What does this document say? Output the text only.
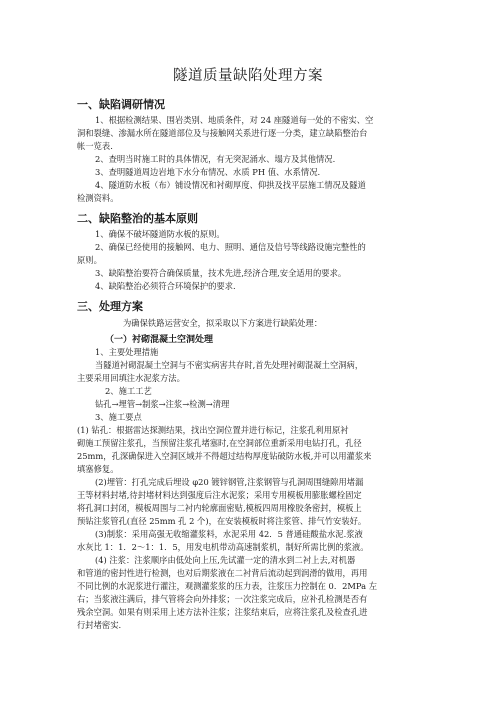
隧道质量缺陷处理方案
一、缺陷调研情况
1、根据检测结果、围岩类别、地质条件，对 24 座隧道每一处的不密实、空
洞和裂缝、渗漏水所在隧道部位及与接触网关系进行逐一分类，建立缺陷整治台
帐一览表.
2、查明当时施工时的具体情况，有无突泥涌水、塌方及其他情况.
3、查明隧道周边岩地下水分布情况、水质 PH 值、水系情况.
4、隧道防水板（布）铺设情况和衬砌厚度、仰拱及找平层施工情况及隧道
检测资料。
二、缺陷整治的基本原则
1、确保不破坏隧道防水板的原则。
2、确保已经使用的接触网、电力、照明、通信及信号等线路设施完整性的
原则。
3、缺陷整治要符合确保质量，技术先进,经济合理,安全适用的要求。
4、缺陷整治必须符合环境保护的要求.
三、处理方案
为确保铁路运营安全，拟采取以下方案进行缺陷处理：
（一）衬砌混凝土空洞处理
1、主要处理措施
当隧道衬砌混凝土空洞与不密实病害共存时,首先处理衬砌混凝土空洞病，
主要采用回填注水泥浆方法。
2、施工工艺
钻孔→埋管→制浆→注浆→检测→清理
3、施工要点
(1) 钻孔：根据雷达探测结果，找出空洞位置并进行标记，注浆孔利用原衬
砌施工预留注浆孔，当预留注浆孔堵塞时,在空洞部位重新采用电钻打孔，孔径
25mm，孔深确保进入空洞区域并不得超过结构厚度钻破防水板,并可以用灌浆来
填塞修复。
(2)埋管：打孔完成后埋设 φ20 镀锌钢管,注浆钢管与孔洞周围缝隙用堵漏
王等材料封堵,待封堵材料达到强度后注水泥浆；采用专用模板用膨胀螺栓固定
将孔洞口封闭，模板周围与二衬内轮廓面密贴,模板四周用橡胶条密封，模板上
预钻注浆管孔(直径 25mm 孔 2 个)，在安装模板时将注浆管、排气竹安装好。
(3)制浆：采用高强无收缩灌浆料，水泥采用 42．5 普通硅酸盐水泥.浆液
水灰比 1：1．2～1：1．5，用发电机带动高速制浆机，制好所需比例的浆液。
(4) 注浆：注浆顺序由低处向上压,先试灌一定的清水到二衬上去,对机器
和管道的密封性进行检测，也对后期浆液在二衬背后流动起到润滑的做用，再用
不同比例的水泥浆进行灌注，观测灌浆浆的压力表，注浆压力控制在 0．2MPa 左
右；当浆液注满后，排气管将会向外排浆；一次注浆完成后，应补孔检测是否有
残余空洞。如果有则采用上述方法补注浆；注浆结束后，应将注浆孔及检查孔进
行封堵密实.
